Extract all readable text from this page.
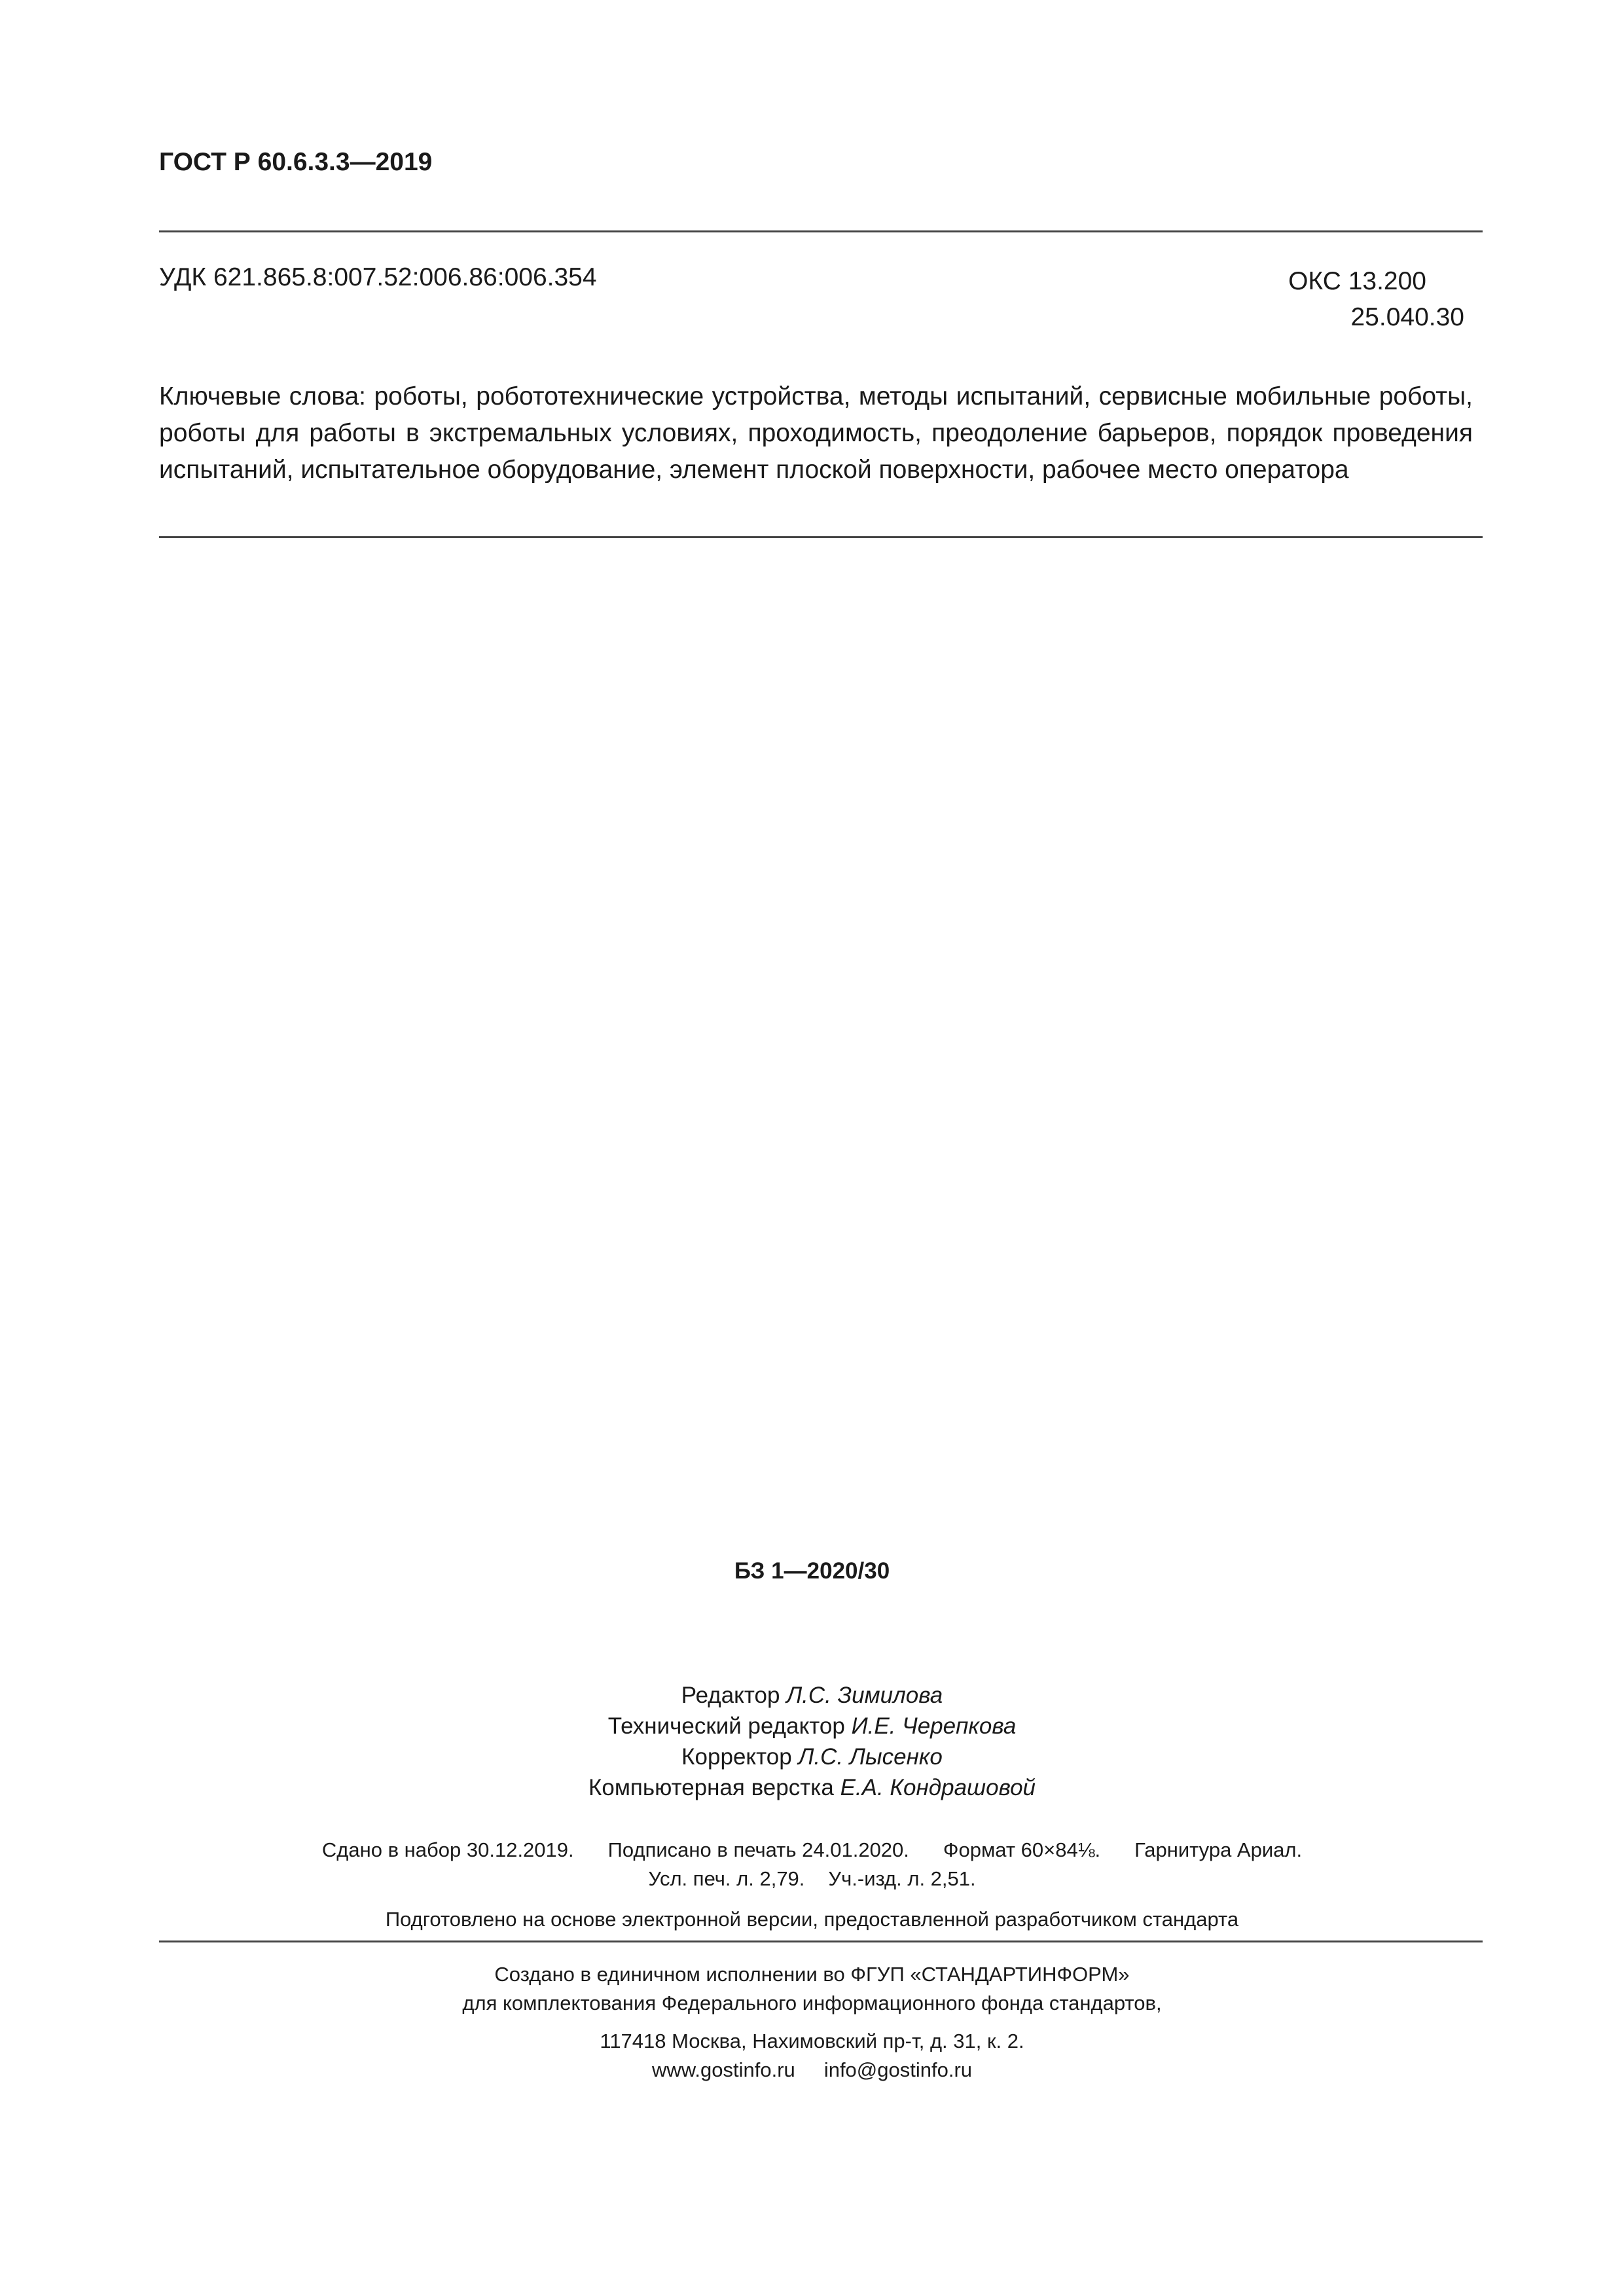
ГОСТ Р 60.6.3.3—2019
УДК 621.865.8:007.52:006.86:006.354	ОКС 13.200
25.040.30
Ключевые слова: роботы, робототехнические устройства, методы испытаний, сервисные мобильные роботы, роботы для работы в экстремальных условиях, проходимость, преодоление барьеров, порядок проведения испытаний, испытательное оборудование, элемент плоской поверхности, рабочее место оператора
БЗ 1—2020/30
Редактор Л.С. Зимилова
Технический редактор И.Е. Черепкова
Корректор Л.С. Лысенко
Компьютерная верстка Е.А. Кондрашовой
Сдано в набор 30.12.2019. Подписано в печать 24.01.2020. Формат 60×84⅛. Гарнитура Ариал.
Усл. печ. л. 2,79. Уч.-изд. л. 2,51.
Подготовлено на основе электронной версии, предоставленной разработчиком стандарта
Создано в единичном исполнении во ФГУП «СТАНДАРТИНФОРМ»
для комплектования Федерального информационного фонда стандартов,
117418 Москва, Нахимовский пр-т, д. 31, к. 2.
www.gostinfo.ru info@gostinfo.ru
